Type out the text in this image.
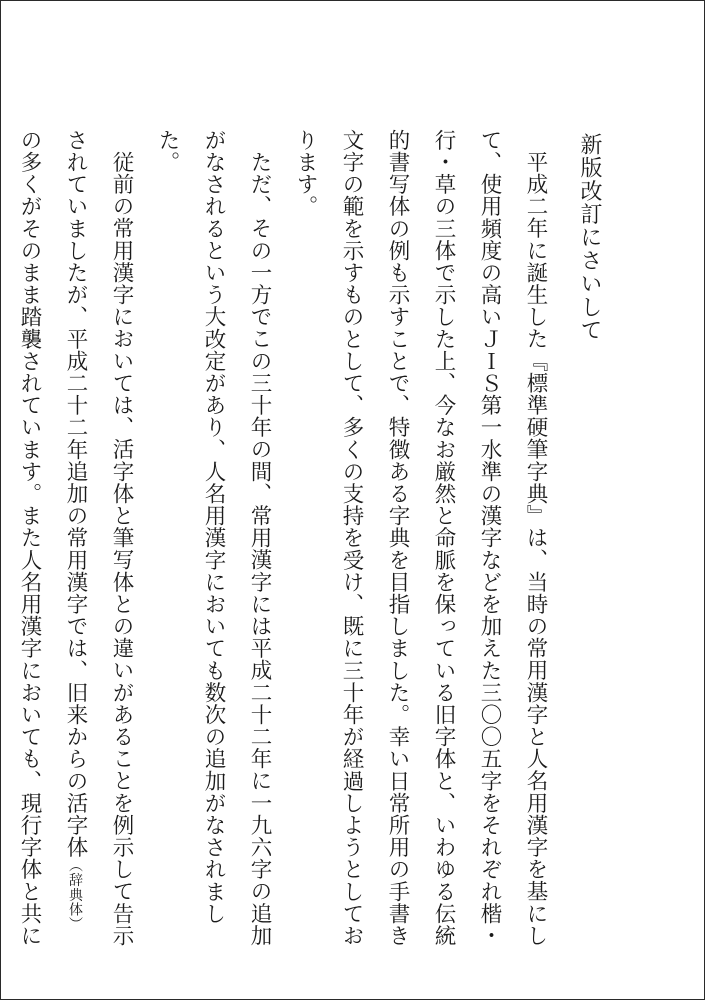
新版改訂にさいして

平成二年に誕生した『標準硬筆字典』は、当時の常用漢字と人名用漢字を基にして、使用頻度の高いＪＩＳ第一水準の漢字などを加えた三〇〇五字をそれぞれ楷・行・草の三体で示した上、今なお厳然と命脈を保っている旧字体と、いわゆる伝統的書写体の例も示すことで、特徴ある字典を目指しました。幸い日常所用の手書き文字の範を示すものとして、多くの支持を受け、既に三十年が経過しようとしております。

ただ、その一方でこの三十年の間、常用漢字には平成二十二年に一九六字の追加がなされるという大改定があり、人名用漢字においても数次の追加がなされました。

従前の常用漢字においては、活字体と筆写体との違いがあることを例示して告示されていましたが、平成二十二年追加の常用漢字では、旧来からの活字体（辞典体）の多くがそのまま踏襲されています。また人名用漢字においても、現行字体と共に
